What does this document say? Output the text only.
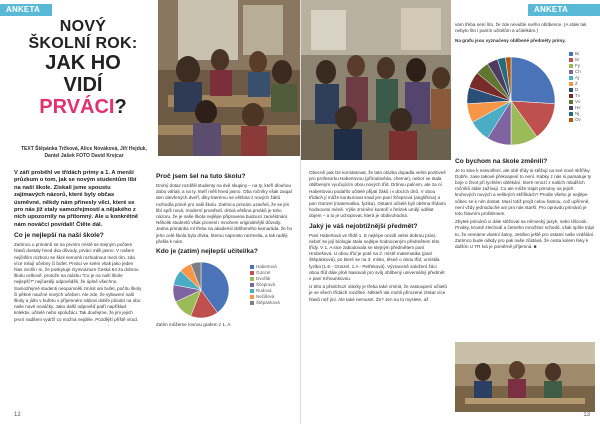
ANKETA
NOVÝ
ŠKOLNÍ ROK:
JAK HO
VIDÍ
PRVÁCI?
TEXT Štěpánka Trčková, Alice Nováková, Jiří Hejduk, Daniel Jašek FOTO David Krejcar
V září proběhl ve třídách primy a 1. A menší průzkum o tom, jak se novým studentům líbí na naší škole. Získali jsme spoustu zajímavých názorů, které byly občas úsměvné, někdy nám přinesly věci, které se pro nás již staly samozřejmostí a nějakého z nich upozornily na přítomný. Ale u konkrétně nám nováčci povídali! Čtěte dál.
Co je nejlepší na naší škole?
Zatímco u primánů se na prvním místě se stejným počtem hlasů dostaly hned dva důvody, prváci měli jasno. V našem nejčitším rozboru se škol nemohli rozhodnout mezi tím, zda více milují učebny či bufet. Prváci ve svém však jako jeden hlas zvolili i to, že poskytuje Gymnázium Česká 64 za dobrou školu celkově, protože na otázku "Co je na naší škole nejlepší?" nejčastěji odpověděli, že úplně všechno. Samozřejmě studenti neopomněli zmínit ani bufet, počítu školy či pěkné naučné nových učeben. Ale zde, že vybavení naší školy a jídlo v bufetu v příjemném nábovi dobře působí na obu naše nové nováčky. Jako další odpověď patří například kolektiv, učitelé nebo spolužáci. Tak doufejme, že jim jejich první nadšení vydrží co možná nejdéle. Pozdější příště vítod.
Proč jsem šel na tuto školu?
Druhý dotaz rozdělil studenty na dvě skupiny – na ty, kteří dlouhou dobu váhali, a na ty, kteří měli hned jasno. Oba ročníky však zaujal den otevřených dveří, díky kterému se většina z nových žáků rozhodla právě pro naši školu. Zatímco primáni uzavřeli, že se jim líbí spíš nová, moderní prostředí, drtivá většina prváků je toho názoru, že je naše škola nejlépe připravena budoucí zaměstnání. Několik studentů však pronesl i mnohem originálnější důvody. Jedna primánka ml třeba na akademii oblíbeného kamaráda, že ho jeho celé škola byla dívka, kterou naprosto nezmeila, a tak raději přešla k nám.
Kdo je (zatím) nejlepší učitel/ka?
Habertová
Günzel
Dvořák
Ščeprová
Rudová
Nečillová
Štěpánková
Zatím můžeme rovnou grafem z 1. A.
12
ANKETA
Obecně pak lze konstatovat, že tato otázka dopadla velmi pozitivně pro profesorku Habertovou (přírodověda, chemie), neboť se stala oblíbeným vyučujícím obou nových tříd. Drtinou palcem, ale za ní Habertovou podařilo učitelé přijatí žáků i v docích dnů. V obou třídách jí může konkurovat snad jen paní Ščeprová (angličtina) a pan Günzel (matematika, fyzika). Ostatní učitelé byli oběma třídami hodnoceni méně. Výše zmínění kantoři v řetízek umějí udělat dojem – a to je uchopovat, která je obdivuhodná.
Jaký je váš nejobtížnější předmět?
Paní Habertová ve třídě 1. E nejlépe ocvidí velmi dobrou práci, neboť se její biologie stala nejlépe hodnoceným předmětem této třídy. V 1. A sice zabodovala se stejným předmětem paní Hrubešová. U obou tříd je poté na 2. místě matematika (paní Štěpánková), po které se na 3. místo, těsně o obou tříd, umístila fyzika (1.E - Günzel, 1.A - Petřeková). Vývraceně založení žáci obou tříd dále plně Nasovali pro svůj oblíbený universálný předmět v paní Krhounkovou.
U této a předchozí otázky je třeba také zmínit, že zastoupení učitelů je ve všech třídách rozdílné. Někteří tak mohli přirozené získat více hlasů než jiní. Ale také nemusel. Že? Jen na to myslete, až
vám třeba není líto, že zde nevidíte svého oblíbence. (A stále tak nebylo líto i paním učitelům a učitelkám.)
Na grafu jsou vyznačeny oblíbené předměty primy.
Bi
M
Fy
Ch
Aj
Z
D
Tv
Vv
Hv
Nj
Ov
Co bychom na škole změnili?
Je to stoe k nesvolfení, ale obě třídy si stěžují na své nové skříňky. Dobře, zase takové překvapení to není. Kabky z nás si pamatuje ty boje o život při tychlém oblékání, které mnozí z našich mladších ročníků stále zažívají. Co ale může trápit primány na jejich kruhových nových a veškrých skříňkách? Prodle všeho je nejlépe vůbec se k nim dostat. Musí totiž projít celou šatnou, což upřímně, není vždy jednoduché ani pro nás starší. Pro opravdu primánů je toto hlavním problémem.
Zbytek primánů ci dále stěžoval na německý jazyk, nebo tělocvik. Prváky, kromě zlechodí a četného množství schodů, však spíše trápí to, že nemáme vlastní šatny. Jestlivo ještě pro ostatní naše vzdělání. Zatímco bude odkdy pro pak naše zůstává, že cesta kolem řeky k dalším U TR tvá je poměrně příjemná. ■
13
